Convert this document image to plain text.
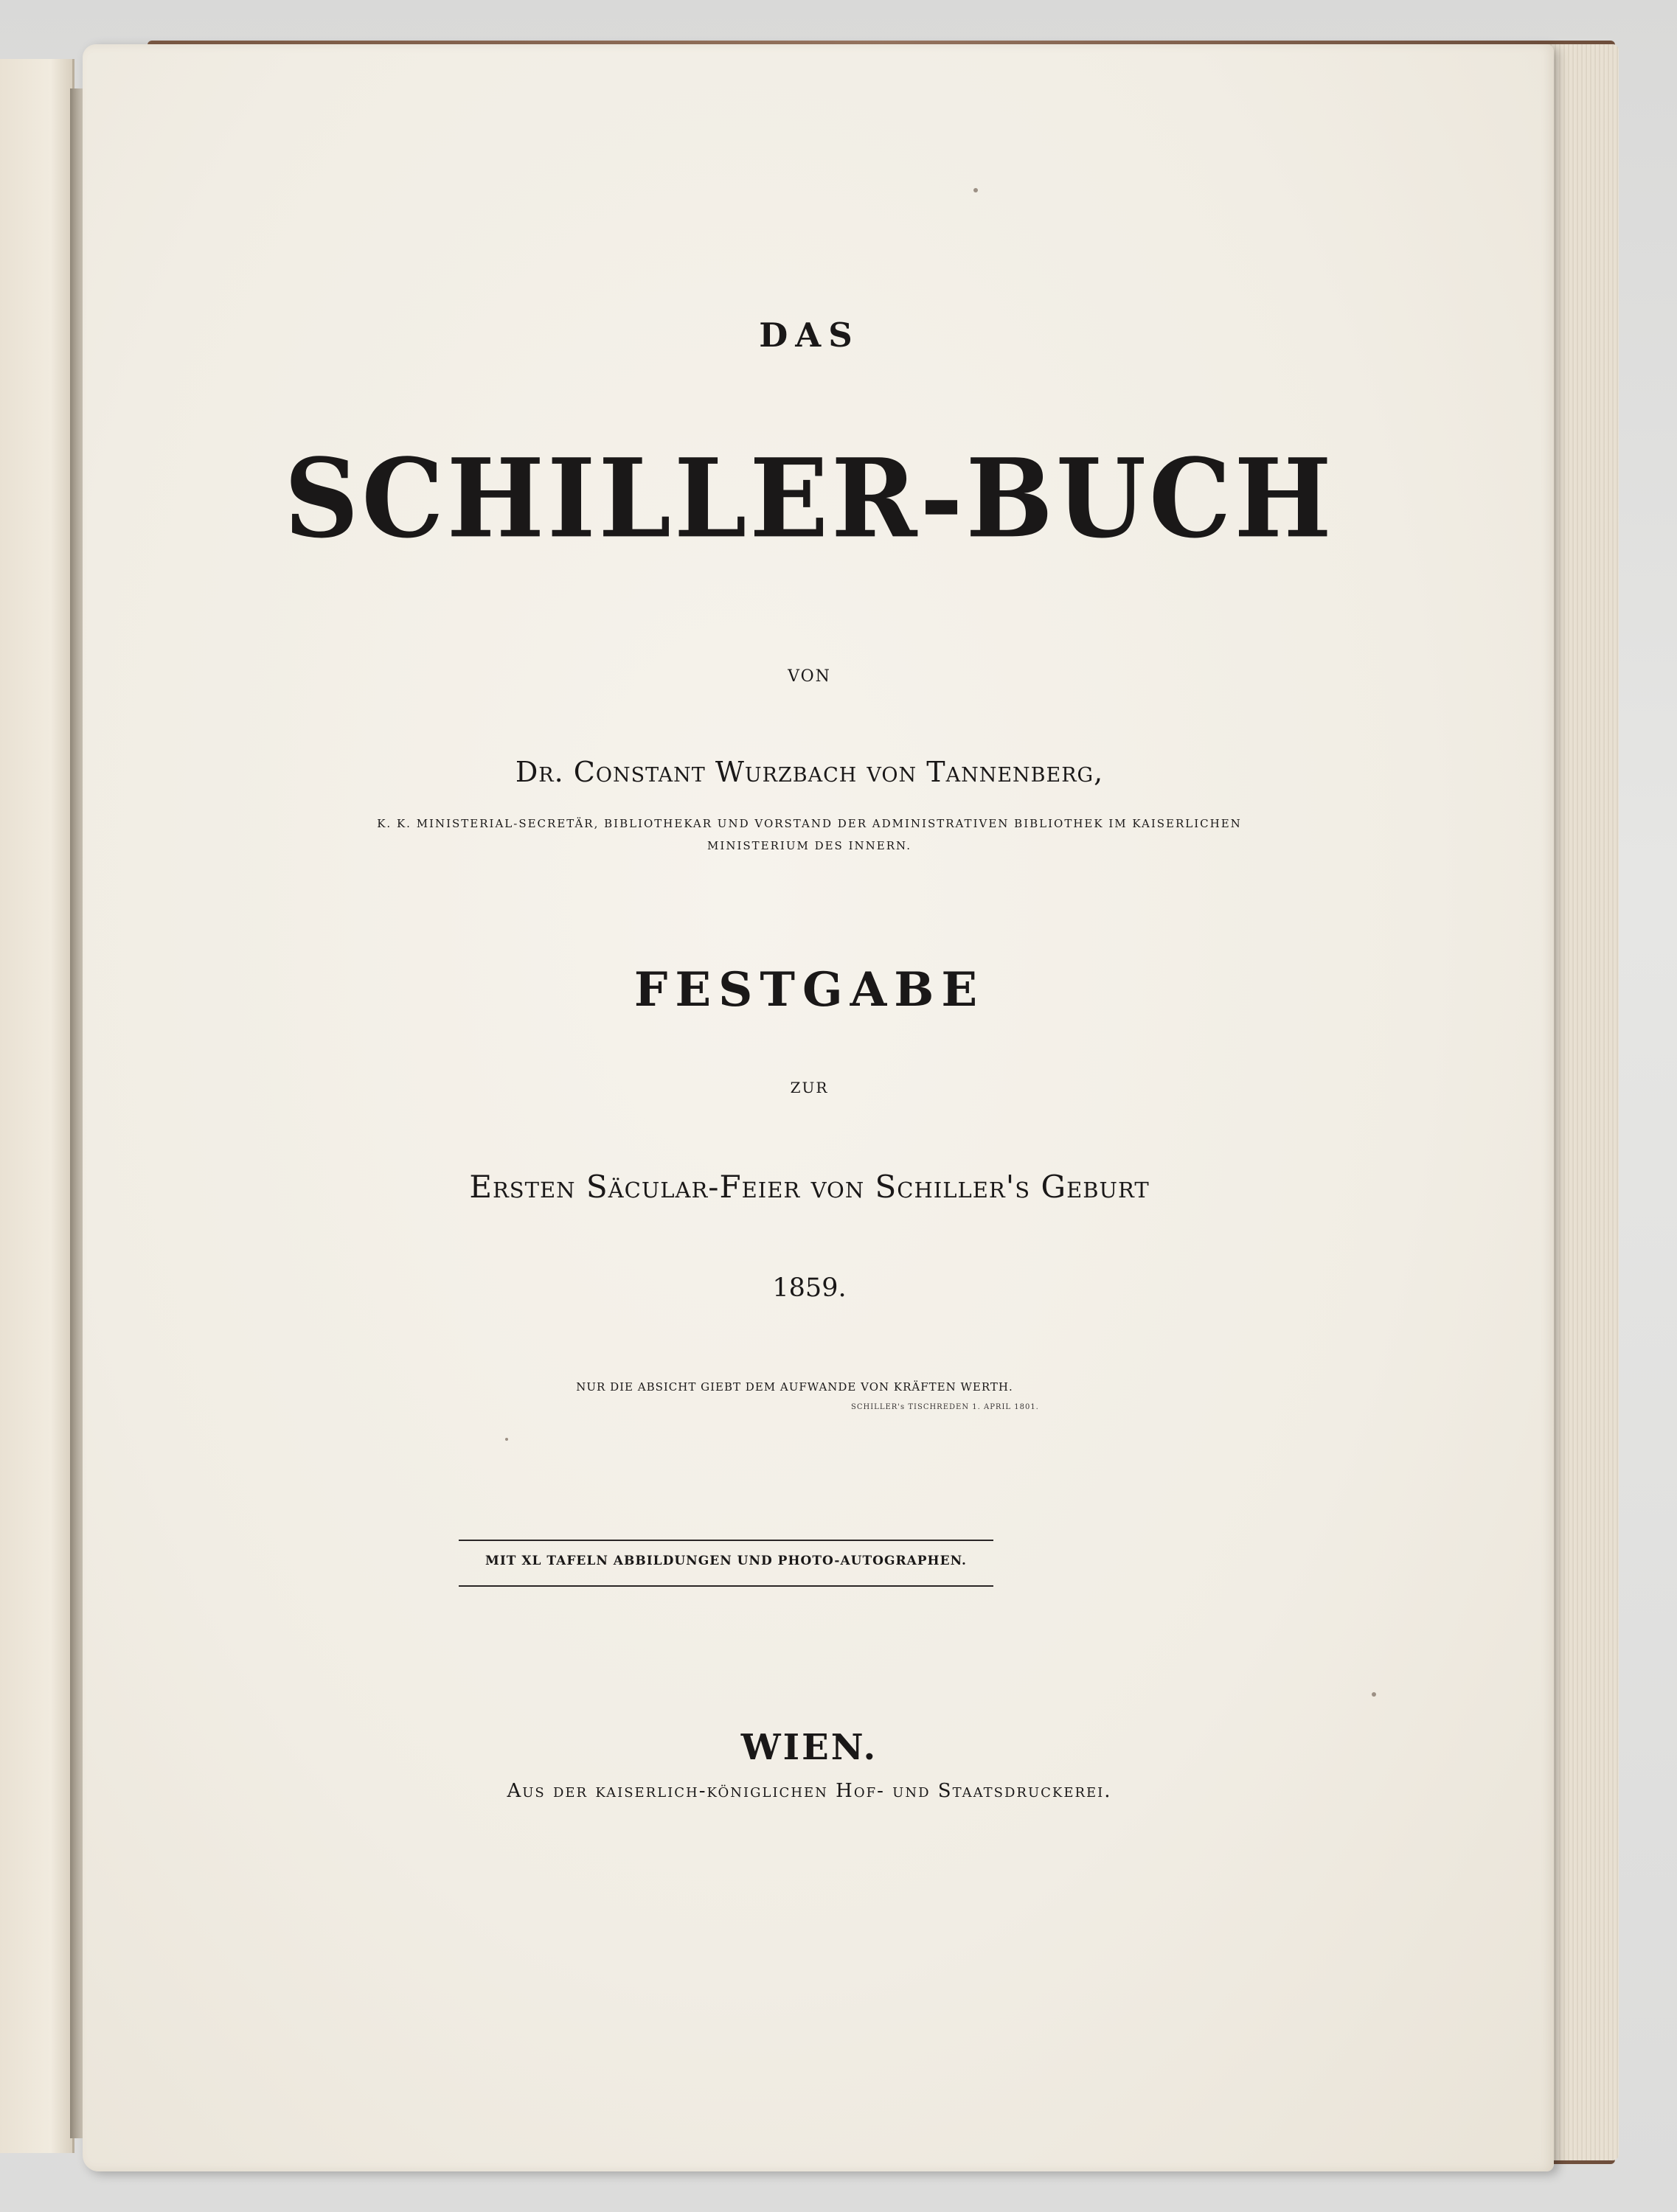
DAS
SCHILLER-BUCH
VON
Dr. Constant Wurzbach von Tannenberg,
K. K. MINISTERIAL-SECRETÄR, BIBLIOTHEKAR UND VORSTAND DER ADMINISTRATIVEN BIBLIOTHEK IM KAISERLICHEN
MINISTERIUM DES INNERN.
FESTGABE
ZUR
Ersten Säcular-Feier von Schiller's Geburt
1859.
NUR DIE ABSICHT GIEBT DEM AUFWANDE VON KRÄFTEN WERTH.
SCHILLER's TISCHREDEN 1. APRIL 1801.
MIT XL TAFELN ABBILDUNGEN UND PHOTO-AUTOGRAPHEN.
WIEN.
Aus der kaiserlich-königlichen Hof- und Staatsdruckerei.
